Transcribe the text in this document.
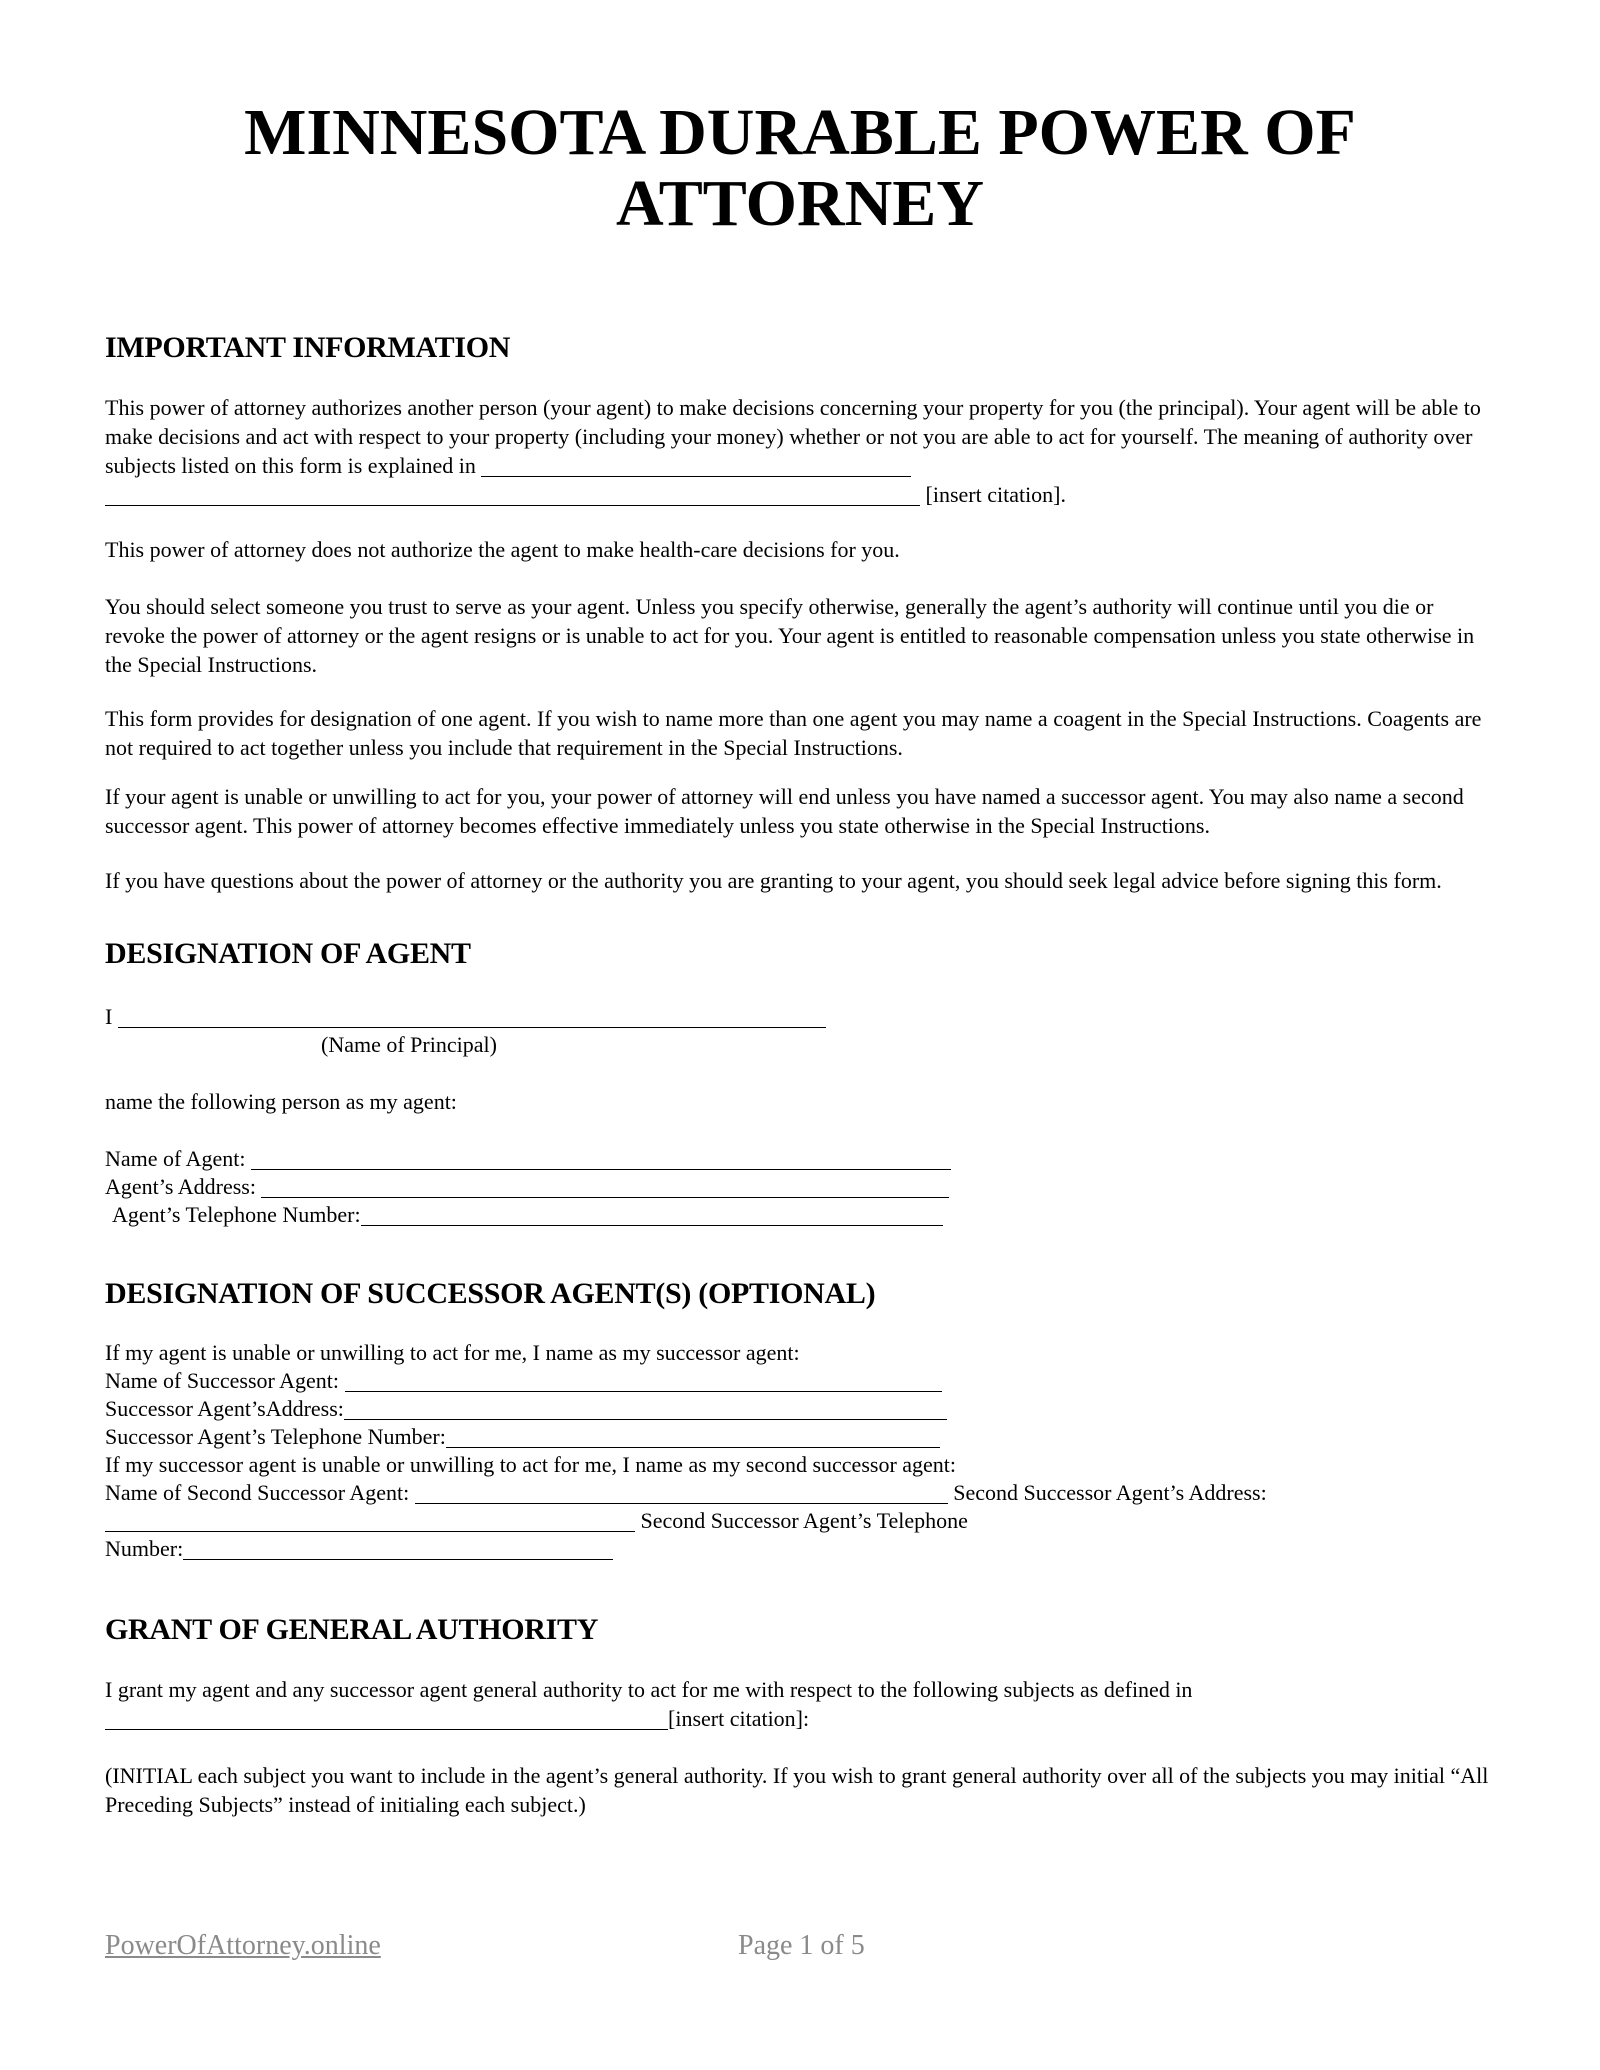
MINNESOTA DURABLE POWER OF ATTORNEY
IMPORTANT INFORMATION

This power of attorney authorizes another person (your agent) to make decisions concerning your property for you (the principal). Your agent will be able to make decisions and act with respect to your property (including your money) whether or not you are able to act for yourself. The meaning of authority over subjects listed on this form is explained in
[insert citation].

This power of attorney does not authorize the agent to make health-care decisions for you.

You should select someone you trust to serve as your agent. Unless you specify otherwise, generally the agent’s authority will continue until you die or revoke the power of attorney or the agent resigns or is unable to act for you. Your agent is entitled to reasonable compensation unless you state otherwise in the Special Instructions.

This form provides for designation of one agent. If you wish to name more than one agent you may name a coagent in the Special Instructions. Coagents are not required to act together unless you include that requirement in the Special Instructions.

If your agent is unable or unwilling to act for you, your power of attorney will end unless you have named a successor agent. You may also name a second successor agent. This power of attorney becomes effective immediately unless you state otherwise in the Special Instructions.

If you have questions about the power of attorney or the authority you are granting to your agent, you should seek legal advice before signing this form.

DESIGNATION OF AGENT
I
(Name of Principal)
name the following person as my agent:
Name of Agent:
Agent’s Address:
Agent’s Telephone Number:
DESIGNATION OF SUCCESSOR AGENT(S) (OPTIONAL)
If my agent is unable or unwilling to act for me, I name as my successor agent:
Name of Successor Agent:
Successor Agent’sAddress:
Successor Agent’s Telephone Number:
If my successor agent is unable or unwilling to act for me, I name as my second successor agent:
Name of Second Successor Agent:	Second Successor Agent’s Address:
Second Successor Agent’s Telephone
Number:
GRANT OF GENERAL AUTHORITY

I grant my agent and any successor agent general authority to act for me with respect to the following subjects as defined in
[insert citation]:

(INITIAL each subject you want to include in the agent’s general authority. If you wish to grant general authority over all of the subjects you may initial “All Preceding Subjects” instead of initialing each subject.)

PowerOfAttorney.online	Page 1 of 5
